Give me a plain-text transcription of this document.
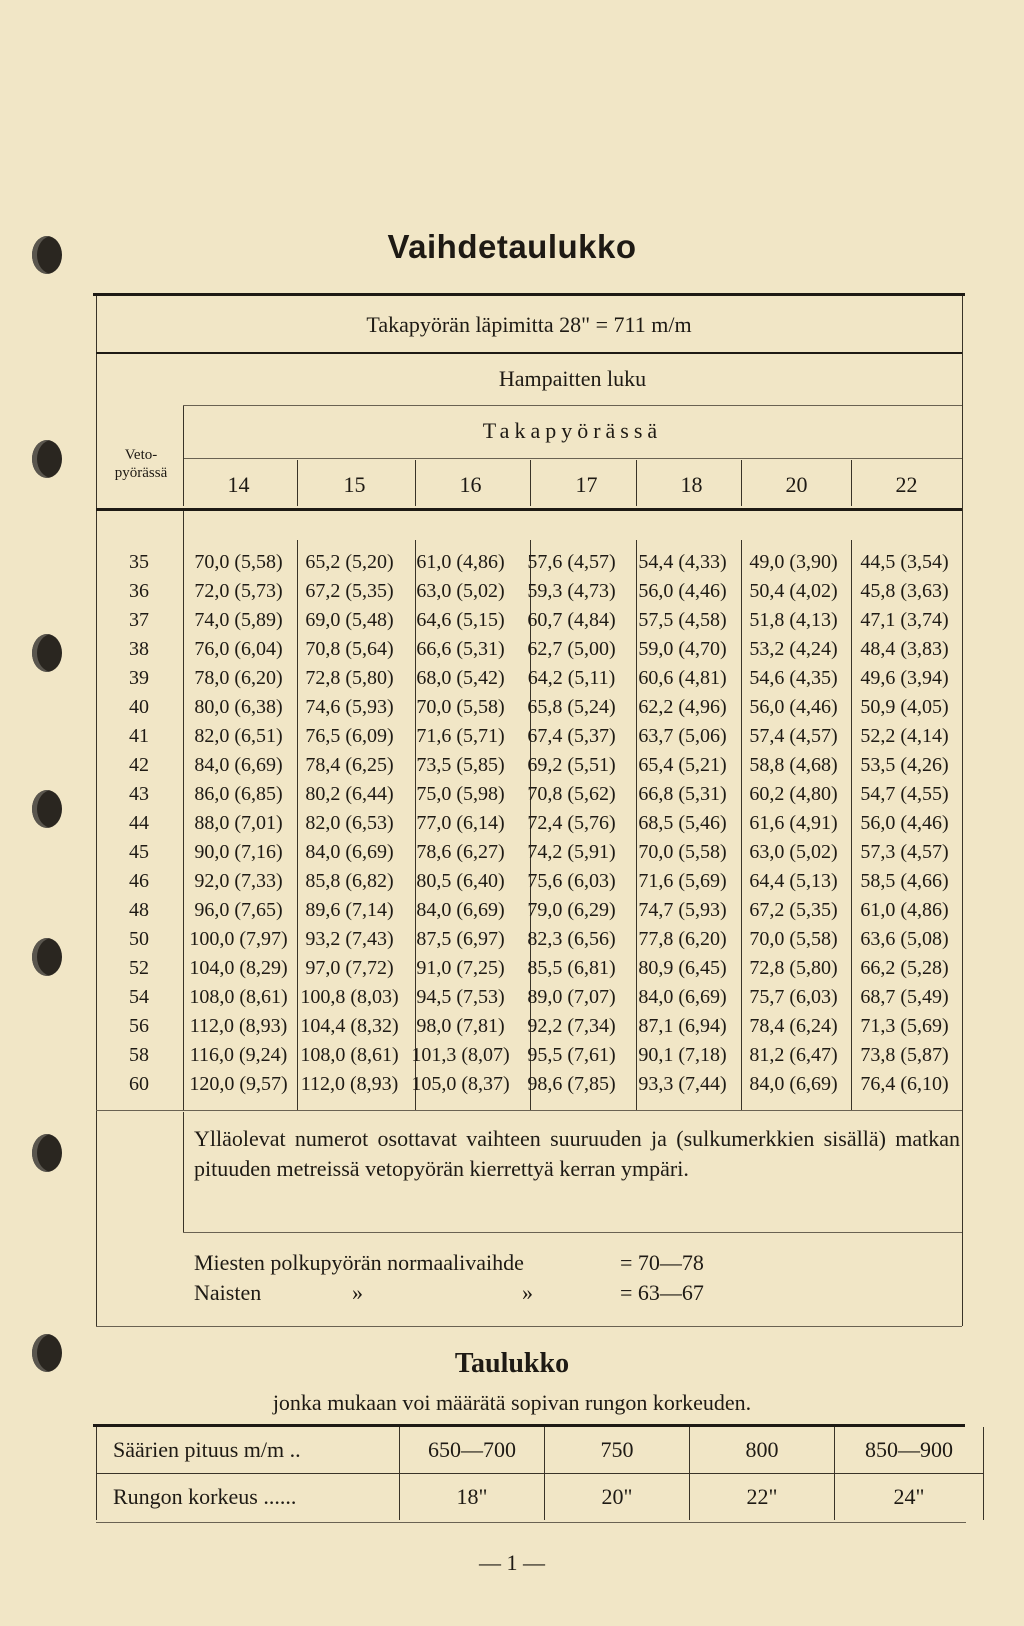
Vaihdetaulukko
Takapyörän läpimitta 28" = 711 m/m
Hampaitten luku
Takapyörässä
Veto-
pyörässä	14	15	16	17	18	20	22
35	70,0 (5,58)	65,2 (5,20)	61,0 (4,86)	57,6 (4,57)	54,4 (4,33)	49,0 (3,90)	44,5 (3,54)
36	72,0 (5,73)	67,2 (5,35)	63,0 (5,02)	59,3 (4,73)	56,0 (4,46)	50,4 (4,02)	45,8 (3,63)
37	74,0 (5,89)	69,0 (5,48)	64,6 (5,15)	60,7 (4,84)	57,5 (4,58)	51,8 (4,13)	47,1 (3,74)
38	76,0 (6,04)	70,8 (5,64)	66,6 (5,31)	62,7 (5,00)	59,0 (4,70)	53,2 (4,24)	48,4 (3,83)
39	78,0 (6,20)	72,8 (5,80)	68,0 (5,42)	64,2 (5,11)	60,6 (4,81)	54,6 (4,35)	49,6 (3,94)
40	80,0 (6,38)	74,6 (5,93)	70,0 (5,58)	65,8 (5,24)	62,2 (4,96)	56,0 (4,46)	50,9 (4,05)
41	82,0 (6,51)	76,5 (6,09)	71,6 (5,71)	67,4 (5,37)	63,7 (5,06)	57,4 (4,57)	52,2 (4,14)
42	84,0 (6,69)	78,4 (6,25)	73,5 (5,85)	69,2 (5,51)	65,4 (5,21)	58,8 (4,68)	53,5 (4,26)
43	86,0 (6,85)	80,2 (6,44)	75,0 (5,98)	70,8 (5,62)	66,8 (5,31)	60,2 (4,80)	54,7 (4,55)
44	88,0 (7,01)	82,0 (6,53)	77,0 (6,14)	72,4 (5,76)	68,5 (5,46)	61,6 (4,91)	56,0 (4,46)
45	90,0 (7,16)	84,0 (6,69)	78,6 (6,27)	74,2 (5,91)	70,0 (5,58)	63,0 (5,02)	57,3 (4,57)
46	92,0 (7,33)	85,8 (6,82)	80,5 (6,40)	75,6 (6,03)	71,6 (5,69)	64,4 (5,13)	58,5 (4,66)
48	96,0 (7,65)	89,6 (7,14)	84,0 (6,69)	79,0 (6,29)	74,7 (5,93)	67,2 (5,35)	61,0 (4,86)
50	100,0 (7,97)	93,2 (7,43)	87,5 (6,97)	82,3 (6,56)	77,8 (6,20)	70,0 (5,58)	63,6 (5,08)
52	104,0 (8,29)	97,0 (7,72)	91,0 (7,25)	85,5 (6,81)	80,9 (6,45)	72,8 (5,80)	66,2 (5,28)
54	108,0 (8,61)	100,8 (8,03)	94,5 (7,53)	89,0 (7,07)	84,0 (6,69)	75,7 (6,03)	68,7 (5,49)
56	112,0 (8,93)	104,4 (8,32)	98,0 (7,81)	92,2 (7,34)	87,1 (6,94)	78,4 (6,24)	71,3 (5,69)
58	116,0 (9,24)	108,0 (8,61)	101,3 (8,07)	95,5 (7,61)	90,1 (7,18)	81,2 (6,47)	73,8 (5,87)
60	120,0 (9,57)	112,0 (8,93)	105,0 (8,37)	98,6 (7,85)	93,3 (7,44)	84,0 (6,69)	76,4 (6,10)
Ylläolevat numerot osottavat vaihteen suuruuden ja (sulkumerkkien sisällä) matkan pituuden metreissä vetopyörän kierrettyä kerran ympäri.
Miesten polkupyörän normaalivaihde	= 70—78
Naisten	»	»	= 63—67
Taulukko
jonka mukaan voi määrätä sopivan rungon korkeuden.
Säärien pituus m/m ..	650—700	750	800	850—900
Rungon korkeus ......	18"	20"	22"	24"
— 1 —
